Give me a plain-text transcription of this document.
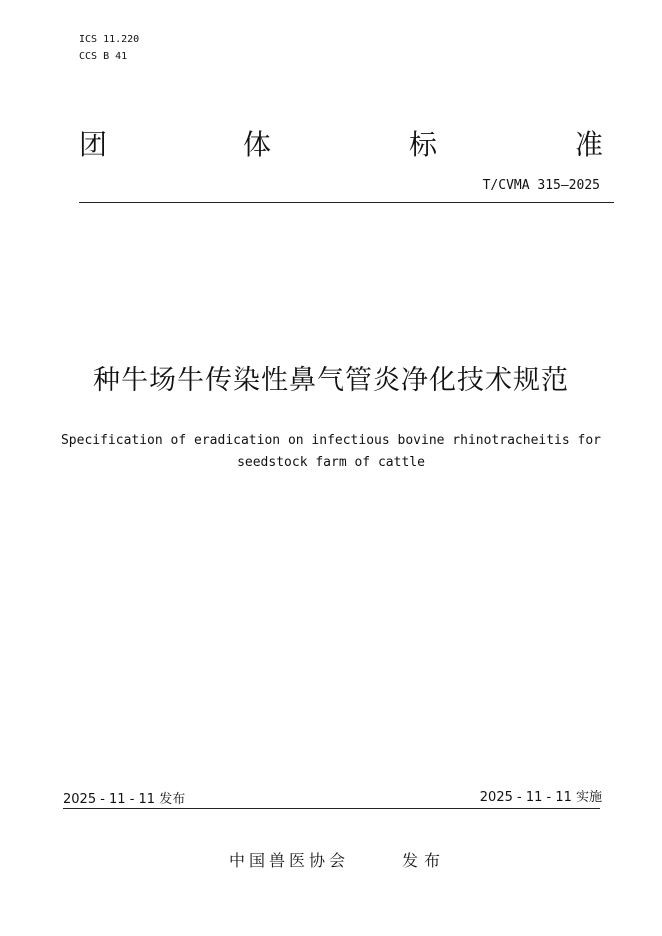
ICS 11.220
CCS B 41
团	体	标	准
T/CVMA 315—2025
种牛场牛传染性鼻气管炎净化技术规范
Specification of eradication on infectious bovine rhinotracheitis for
seedstock farm of cattle
2025 - 11 - 11 发布	2025 - 11 - 11 实施
中国兽医协会	发布
